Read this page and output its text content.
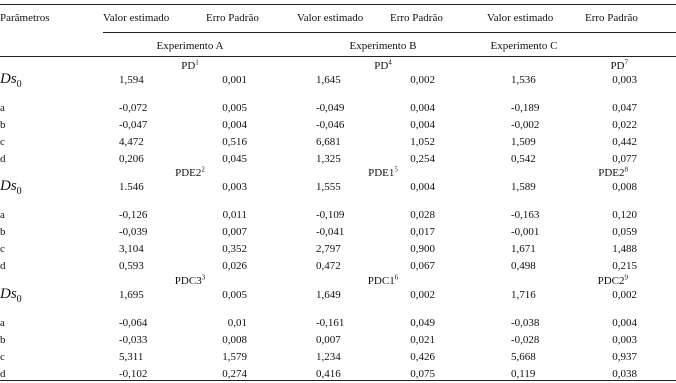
Parâmetros	Valor estimado	Erro Padrão	Valor estimado Erro Padrão	Valor estimado	Erro Padrão
Experimento A	Experimento B	Experimento C
$PD^1$	$PD^4$	$PD^7$
$Ds_0$	1,594	0,001	1,645	0,002	1,536	0,003
a	-0,072	0,005	-0,049	0,004	-0,189	0,047
b	-0,047	0,004	-0,046	0,004	-0,002	0,022
c	4,472	0,516	6,681	1,052	1,509	0,442
d	0,206	0,045	1,325	0,254	0,542	0,077
$PDE2^2$	$PDE1^5$	$PDE2^8$
$Ds_0$	1.546	0,003	1,555	0,004	1,589	0,008
a	-0,126	0,011	-0,109	0,028	-0,163	0,120
b	-0,039	0,007	-0,041	0,017	-0,001	0,059
c	3,104	0,352	2,797	0,900	1,671	1,488
d	0,593	0,026	0,472	0,067	0,498	0,215
$PDC3^3$	$PDC1^6$	$PDC2^9$
$Ds_0$	1,695	0,005	1,649	0,002	1,716	0,002
a	-0,064	0,01	-0,161	0,049	-0,038	0,004
b	-0,033	0,008	0,007	0,021	-0,028	0,003
c	5,311	1,579	1,234	0,426	5,668	0,937
d	-0,102	0,274	0,416	0,075	0,119	0,038
